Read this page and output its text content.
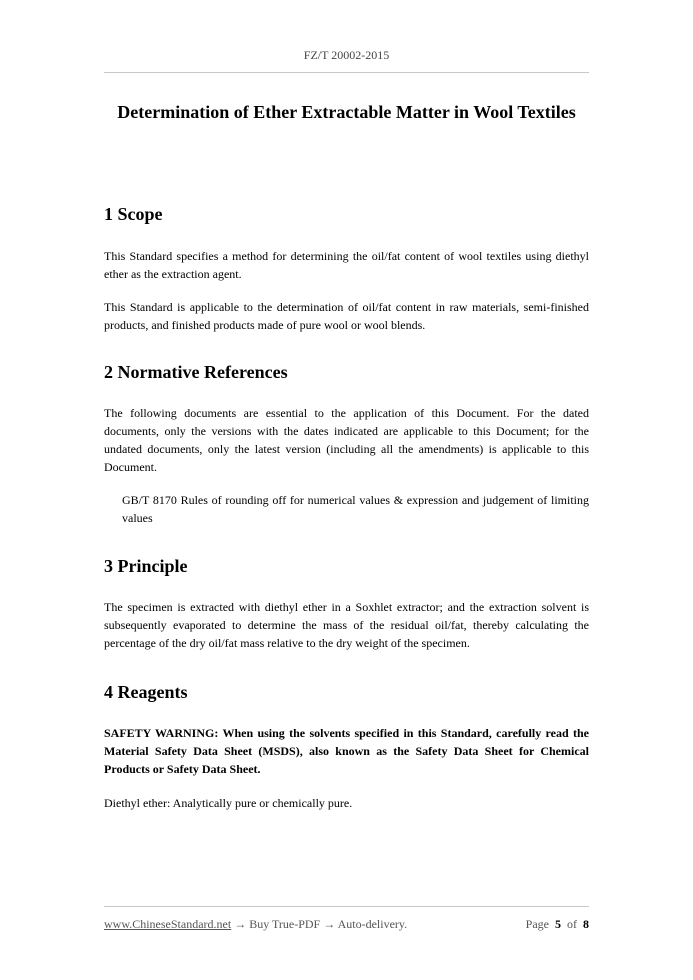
FZ/T 20002-2015
Determination of Ether Extractable Matter in Wool Textiles
1 Scope

This Standard specifies a method for determining the oil/fat content of wool textiles using diethyl ether as the extraction agent.

This Standard is applicable to the determination of oil/fat content in raw materials, semi-finished products, and finished products made of pure wool or wool blends.

2 Normative References

The following documents are essential to the application of this Document. For the dated documents, only the versions with the dates indicated are applicable to this Document; for the undated documents, only the latest version (including all the amendments) is applicable to this Document.

GB/T 8170 Rules of rounding off for numerical values & expression and judgement of limiting values

3 Principle

The specimen is extracted with diethyl ether in a Soxhlet extractor; and the extraction solvent is subsequently evaporated to determine the mass of the residual oil/fat, thereby calculating the percentage of the dry oil/fat mass relative to the dry weight of the specimen.

4 Reagents

SAFETY WARNING: When using the solvents specified in this Standard, carefully read the Material Safety Data Sheet (MSDS), also known as the Safety Data Sheet for Chemical Products or Safety Data Sheet.

Diethyl ether: Analytically pure or chemically pure.

www.ChineseStandard.net → Buy True-PDF → Auto-delivery.	Page 5 of 8
